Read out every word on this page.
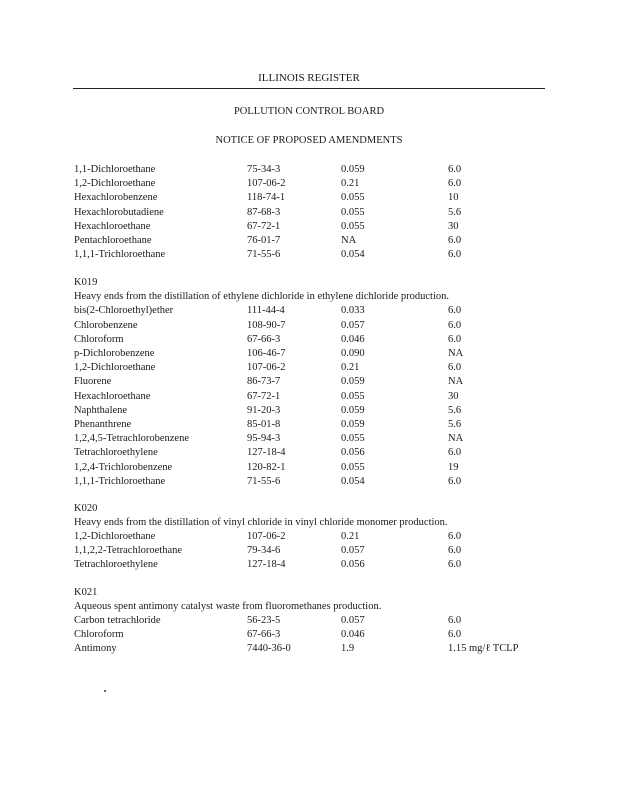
ILLINOIS REGISTER
POLLUTION CONTROL BOARD
NOTICE OF PROPOSED AMENDMENTS
1,1-Dichloroethane	75-34-3	0.059	6.0
1,2-Dichloroethane	107-06-2	0.21	6.0
Hexachlorobenzene	118-74-1	0.055	10
Hexachlorobutadiene	87-68-3	0.055	5.6
Hexachloroethane	67-72-1	0.055	30
Pentachloroethane	76-01-7	NA	6.0
1,1,1-Trichloroethane	71-55-6	0.054	6.0
K019
Heavy ends from the distillation of ethylene dichloride in ethylene dichloride production.
bis(2-Chloroethyl)ether	111-44-4	0.033	6.0
Chlorobenzene	108-90-7	0.057	6.0
Chloroform	67-66-3	0.046	6.0
p-Dichlorobenzene	106-46-7	0.090	NA
1,2-Dichloroethane	107-06-2	0.21	6.0
Fluorene	86-73-7	0.059	NA
Hexachloroethane	67-72-1	0.055	30
Naphthalene	91-20-3	0.059	5.6
Phenanthrene	85-01-8	0.059	5.6
1,2,4,5-Tetrachlorobenzene	95-94-3	0.055	NA
Tetrachloroethylene	127-18-4	0.056	6.0
1,2,4-Trichlorobenzene	120-82-1	0.055	19
1,1,1-Trichloroethane	71-55-6	0.054	6.0
K020
Heavy ends from the distillation of vinyl chloride in vinyl chloride monomer production.
1,2-Dichloroethane	107-06-2	0.21	6.0
1,1,2,2-Tetrachloroethane	79-34-6	0.057	6.0
Tetrachloroethylene	127-18-4	0.056	6.0
K021
Aqueous spent antimony catalyst waste from fluoromethanes production.
Carbon tetrachloride	56-23-5	0.057	6.0
Chloroform	67-66-3	0.046	6.0
Antimony	7440-36-0	1.9	1.15 mg/ℓ TCLP
